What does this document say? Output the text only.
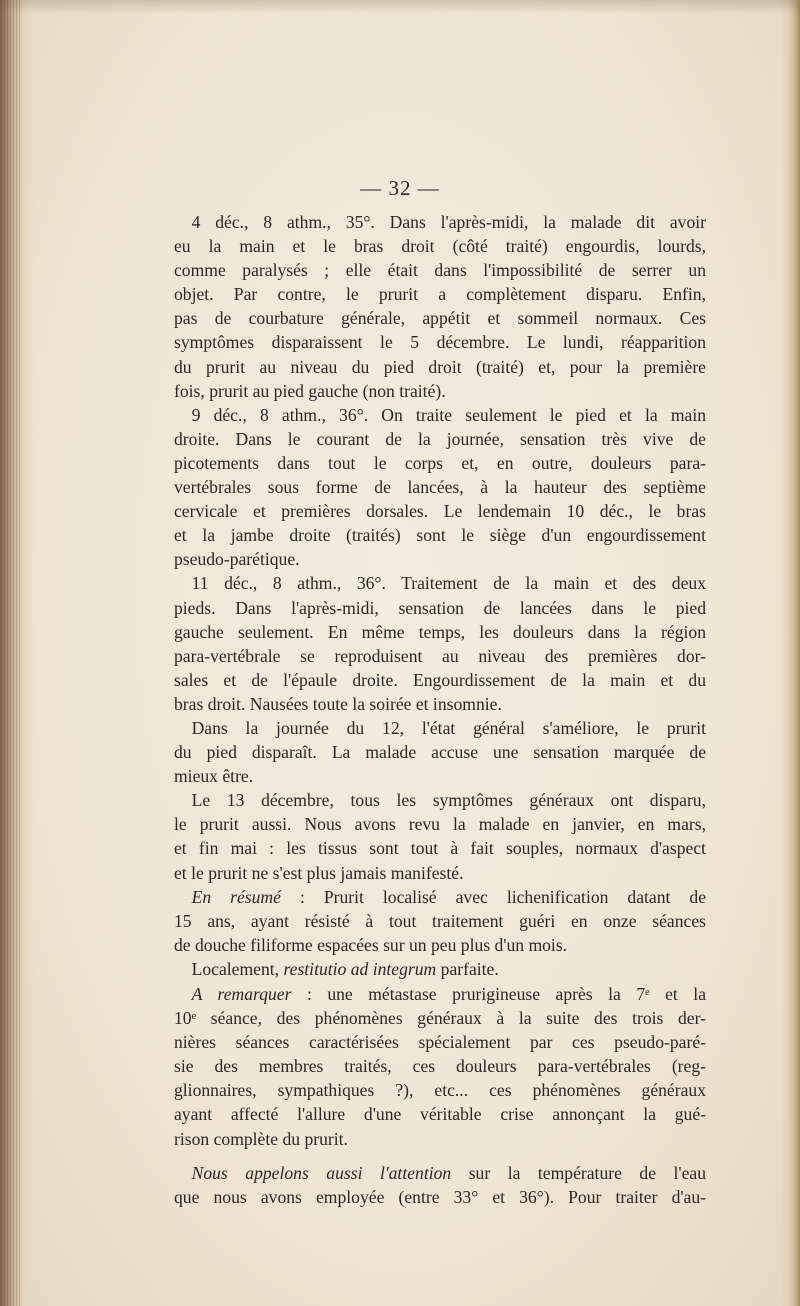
— 32 —

4 déc., 8 athm., 35°. Dans l'après-midi, la malade dit avoir
eu la main et le bras droit (côté traité) engourdis, lourds,
comme paralysés ; elle était dans l'impossibilité de serrer un
objet. Par contre, le prurit a complètement disparu. Enfin,
pas de courbature générale, appétit et sommeil normaux. Ces
symptômes disparaissent le 5 décembre. Le lundi, réapparition
du prurit au niveau du pied droit (traité) et, pour la première
fois, prurit au pied gauche (non traité).

9 déc., 8 athm., 36°. On traite seulement le pied et la main
droite. Dans le courant de la journée, sensation très vive de
picotements dans tout le corps et, en outre, douleurs para-
vertébrales sous forme de lancées, à la hauteur des septième
cervicale et premières dorsales. Le lendemain 10 déc., le bras
et la jambe droite (traités) sont le siège d'un engourdissement
pseudo-parétique.

11 déc., 8 athm., 36°. Traitement de la main et des deux
pieds. Dans l'après-midi, sensation de lancées dans le pied
gauche seulement. En même temps, les douleurs dans la région
para-vertébrale se reproduisent au niveau des premières dor-
sales et de l'épaule droite. Engourdissement de la main et du
bras droit. Nausées toute la soirée et insomnie.

Dans la journée du 12, l'état général s'améliore, le prurit
du pied disparaît. La malade accuse une sensation marquée de
mieux être.

Le 13 décembre, tous les symptômes généraux ont disparu,
le prurit aussi. Nous avons revu la malade en janvier, en mars,
et fin mai : les tissus sont tout à fait souples, normaux d'aspect
et le prurit ne s'est plus jamais manifesté.

En résumé : Prurit localisé avec lichenification datant de
15 ans, ayant résisté à tout traitement guéri en onze séances
de douche filiforme espacées sur un peu plus d'un mois.

Localement, restitutio ad integrum parfaite.

A remarquer : une métastase prurigineuse après la 7ᵉ et la
10ᵉ séance, des phénomènes généraux à la suite des trois der-
nières séances caractérisées spécialement par ces pseudo-paré-
sie des membres traités, ces douleurs para-vertébrales (reg-
glionnaires, sympathiques ?), etc... ces phénomènes généraux
ayant affecté l'allure d'une véritable crise annonçant la gué-
rison complète du prurit.

Nous appelons aussi l'attention sur la température de l'eau
que nous avons employée (entre 33° et 36°). Pour traiter d'au-
